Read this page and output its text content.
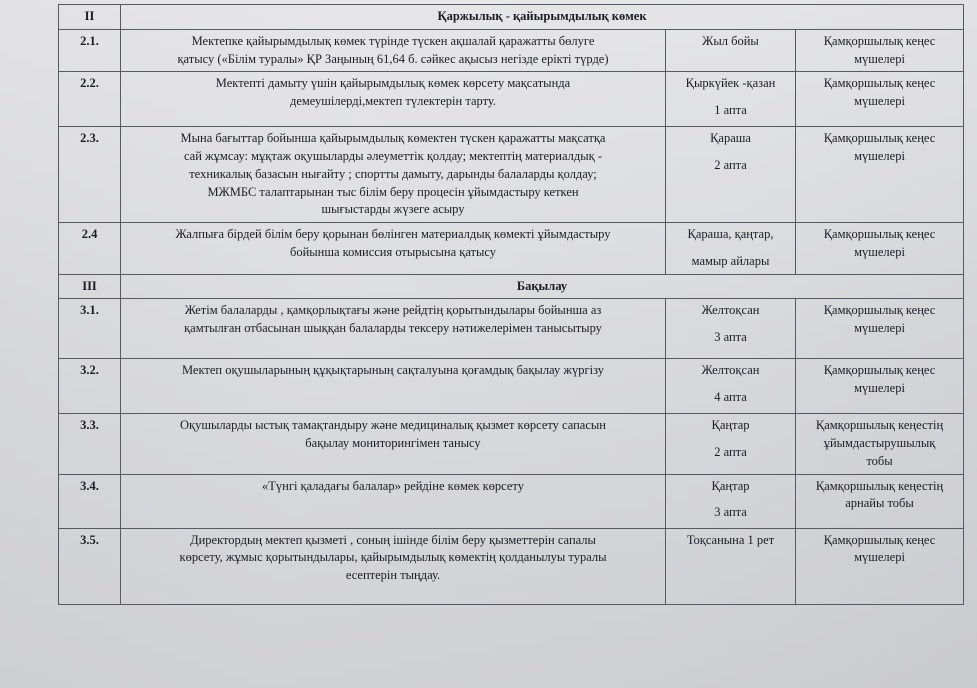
II	Қаржылық - қайырымдылық көмек		
2.1.	Мектепке қайырымдылық көмек түрінде түскен ақшалай қаражатты бөлуге
қатысу («Білім туралы» ҚР Заңының 61,64 б. сәйкес ақысыз негізде ерікті түрде)	Жыл бойы	Қамқоршылық кеңес
мүшелері

2.2.	Мектепті дамыту үшін қайырымдылық көмек көрсету мақсатында
демеушілерді,мектеп түлектерін тарту.	Қыркүйек -қазан
1 апта	Қамқоршылық кеңес
мүшелері

2.3.	Мына бағыттар бойынша қайырымдылық көмектен түскен қаражатты мақсатқа
сай жұмсау: мұқтаж оқушыларды әлеуметтік қолдау; мектептің материалдық -
техникалық базасын нығайту ; спортты дамыту, дарынды балаларды қолдау;
МЖМБС талаптарынан тыс білім беру процесін ұйымдастыру кеткен
шығыстарды жүзеге асыру	Қараша
2 апта	Қамқоршылық кеңес
мүшелері

2.4	Жалпыға бірдей білім беру қорынан бөлінген материалдық көмекті ұйымдастыру
бойынша комиссия отырысына қатысу	Қараша, қаңтар,
мамыр айлары	Қамқоршылық кеңес
мүшелері

III	Бақылау		
3.1.	Жетім балаларды , қамқорлықтағы және рейдтің қорытындылары бойынша аз
қамтылған отбасынан шыққан балаларды тексеру нәтижелерімен танысытыру	Желтоқсан
3 апта	Қамқоршылық кеңес
мүшелері

3.2.	Мектеп оқушыларының құқықтарының сақталуына қоғамдық бақылау жүргізу	Желтоқсан
4 апта	Қамқоршылық кеңес
мүшелері

3.3.	Оқушыларды ыстық тамақтандыру және медициналық қызмет көрсету сапасын
бақылау мониторингімен танысу	Қаңтар
2 апта	Қамқоршылық кеңестің
ұйымдастырушылық
тобы

3.4.	«Түнгі қаладағы балалар» рейдіне көмек көрсету	Қаңтар
3 апта	Қамқоршылық кеңестің
арнайы тобы

3.5.	Директордың мектеп қызметі , соның ішінде білім беру қызметтерін сапалы
көрсету, жұмыс қорытындылары, қайырымдылық көмектің қолданылуы туралы
есептерін тыңдау.	Тоқсанына 1 рет	Қамқоршылық кеңес
мүшелері
